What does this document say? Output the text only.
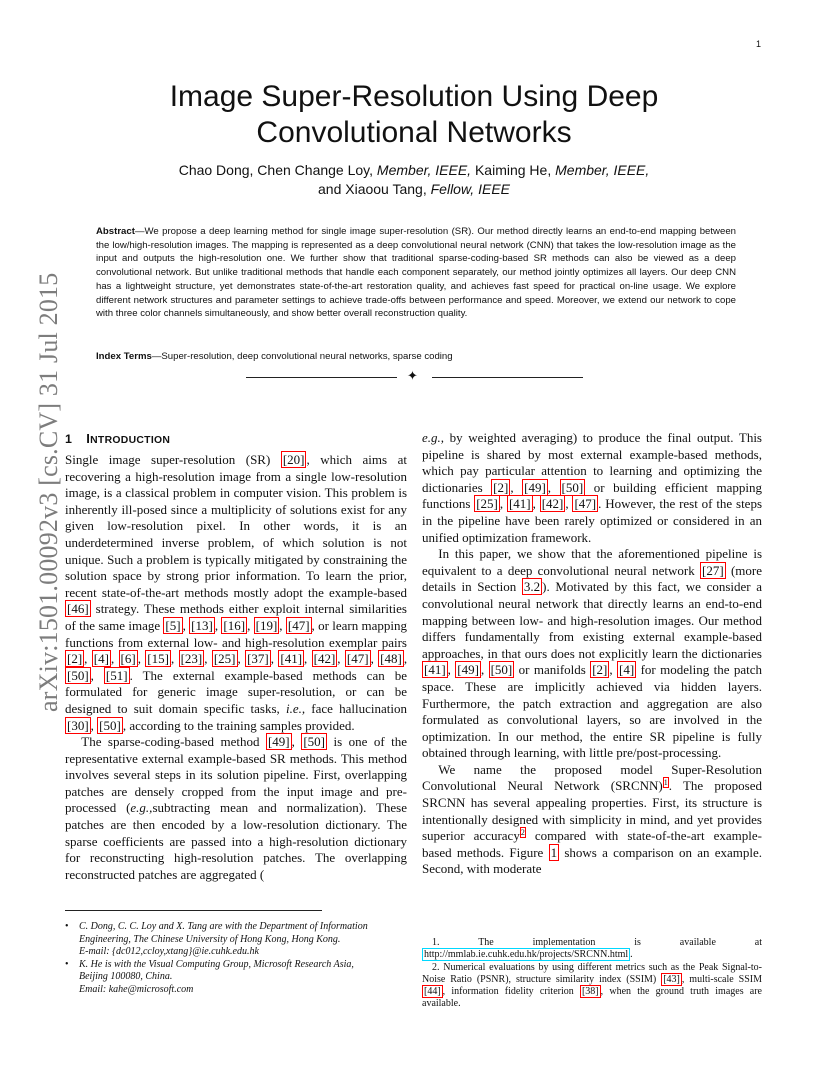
1
arXiv:1501.00092v3 [cs.CV] 31 Jul 2015
Image Super-Resolution Using Deep
Convolutional Networks
Chao Dong, Chen Change Loy, Member, IEEE, Kaiming He, Member, IEEE,
and Xiaoou Tang, Fellow, IEEE

Abstract—We propose a deep learning method for single image super-resolution (SR). Our method directly learns an end-to-end mapping between the low/high-resolution images. The mapping is represented as a deep convolutional neural network (CNN) that takes the low-resolution image as the input and outputs the high-resolution one. We further show that traditional sparse-coding-based SR methods can also be viewed as a deep convolutional network. But unlike traditional methods that handle each component separately, our method jointly optimizes all layers. Our deep CNN has a lightweight structure, yet demonstrates state-of-the-art restoration quality, and achieves fast speed for practical on-line usage. We explore different network structures and parameter settings to achieve trade-offs between performance and speed. Moreover, we extend our network to cope with three color channels simultaneously, and show better overall reconstruction quality.

Index Terms—Super-resolution, deep convolutional neural networks, sparse coding

✦
1 INTRODUCTION

Single image super-resolution (SR) [20] , which aims at recovering a high-resolution image from a single low-resolution image, is a classical problem in computer vision. This problem is inherently ill-posed since a multiplicity of solutions exist for any given low-resolution pixel. In other words, it is an underdetermined inverse problem, of which solution is not unique. Such a problem is typically mitigated by constraining the solution space by strong prior information. To learn the prior, recent state-of-the-art methods mostly adopt the example-based [46] strategy. These methods either exploit internal similarities of the same image [5] , [13] , [16] , [19] , [47] , or learn mapping functions from external low- and high-resolution exemplar pairs [2] , [4] , [6] , [15] , [23] , [25] , [37] , [41] , [42] , [47] , [48] , [50] , [51] . The external example-based methods can be formulated for generic image super-resolution, or can be designed to suit domain specific tasks, i.e., face hallucination [30] , [50] , according to the training samples provided.

The sparse-coding-based method [49] , [50] is one of the representative external example-based SR methods. This method involves several steps in its solution pipeline. First, overlapping patches are densely cropped from the input image and pre-processed (e.g.,subtracting mean and normalization). These patches are then encoded by a low-resolution dictionary. The sparse coefficients are passed into a high-resolution dictionary for reconstructing high-resolution patches. The overlapping reconstructed patches are aggregated (

e.g., by weighted averaging) to produce the final output. This pipeline is shared by most external example-based methods, which pay particular attention to learning and optimizing the dictionaries [2] , [49] , [50] or building efficient mapping functions [25] , [41] , [42] , [47] . However, the rest of the steps in the pipeline have been rarely optimized or considered in an unified optimization framework.

In this paper, we show that the aforementioned pipeline is equivalent to a deep convolutional neural network [27] (more details in Section 3.2 ). Motivated by this fact, we consider a convolutional neural network that directly learns an end-to-end mapping between low- and high-resolution images. Our method differs fundamentally from existing external example-based approaches, in that ours does not explicitly learn the dictionaries [41] , [49] , [50] or manifolds [2] , [4] for modeling the patch space. These are implicitly achieved via hidden layers. Furthermore, the patch extraction and aggregation are also formulated as convolutional layers, so are involved in the optimization. In our method, the entire SR pipeline is fully obtained through learning, with little pre/post-processing.

We name the proposed model Super-Resolution Convolutional Neural Network (SRCNN)$^1$. The proposed SRCNN has several appealing properties. First, its structure is intentionally designed with simplicity in mind, and yet provides superior accuracy$^2$ compared with state-of-the-art example-based methods. Figure 1 shows a comparison on an example. Second, with moderate

• C. Dong, C. C. Loy and X. Tang are with the Department of Information
Engineering, The Chinese University of Hong Kong, Hong Kong.
E-mail: {dc012,ccloy,xtang}@ie.cuhk.edu.hk
• K. He is with the Visual Computing Group, Microsoft Research Asia,
Beijing 100080, China.
Email: kahe@microsoft.com
1. The implementation is available at http://mmlab.ie.cuhk.edu.hk/projects/SRCNN.html .
2. Numerical evaluations by using different metrics such as the Peak Signal-to-Noise Ratio (PSNR), structure similarity index (SSIM) [43] , multi-scale SSIM [44] , information fidelity criterion [38] , when the ground truth images are available.
